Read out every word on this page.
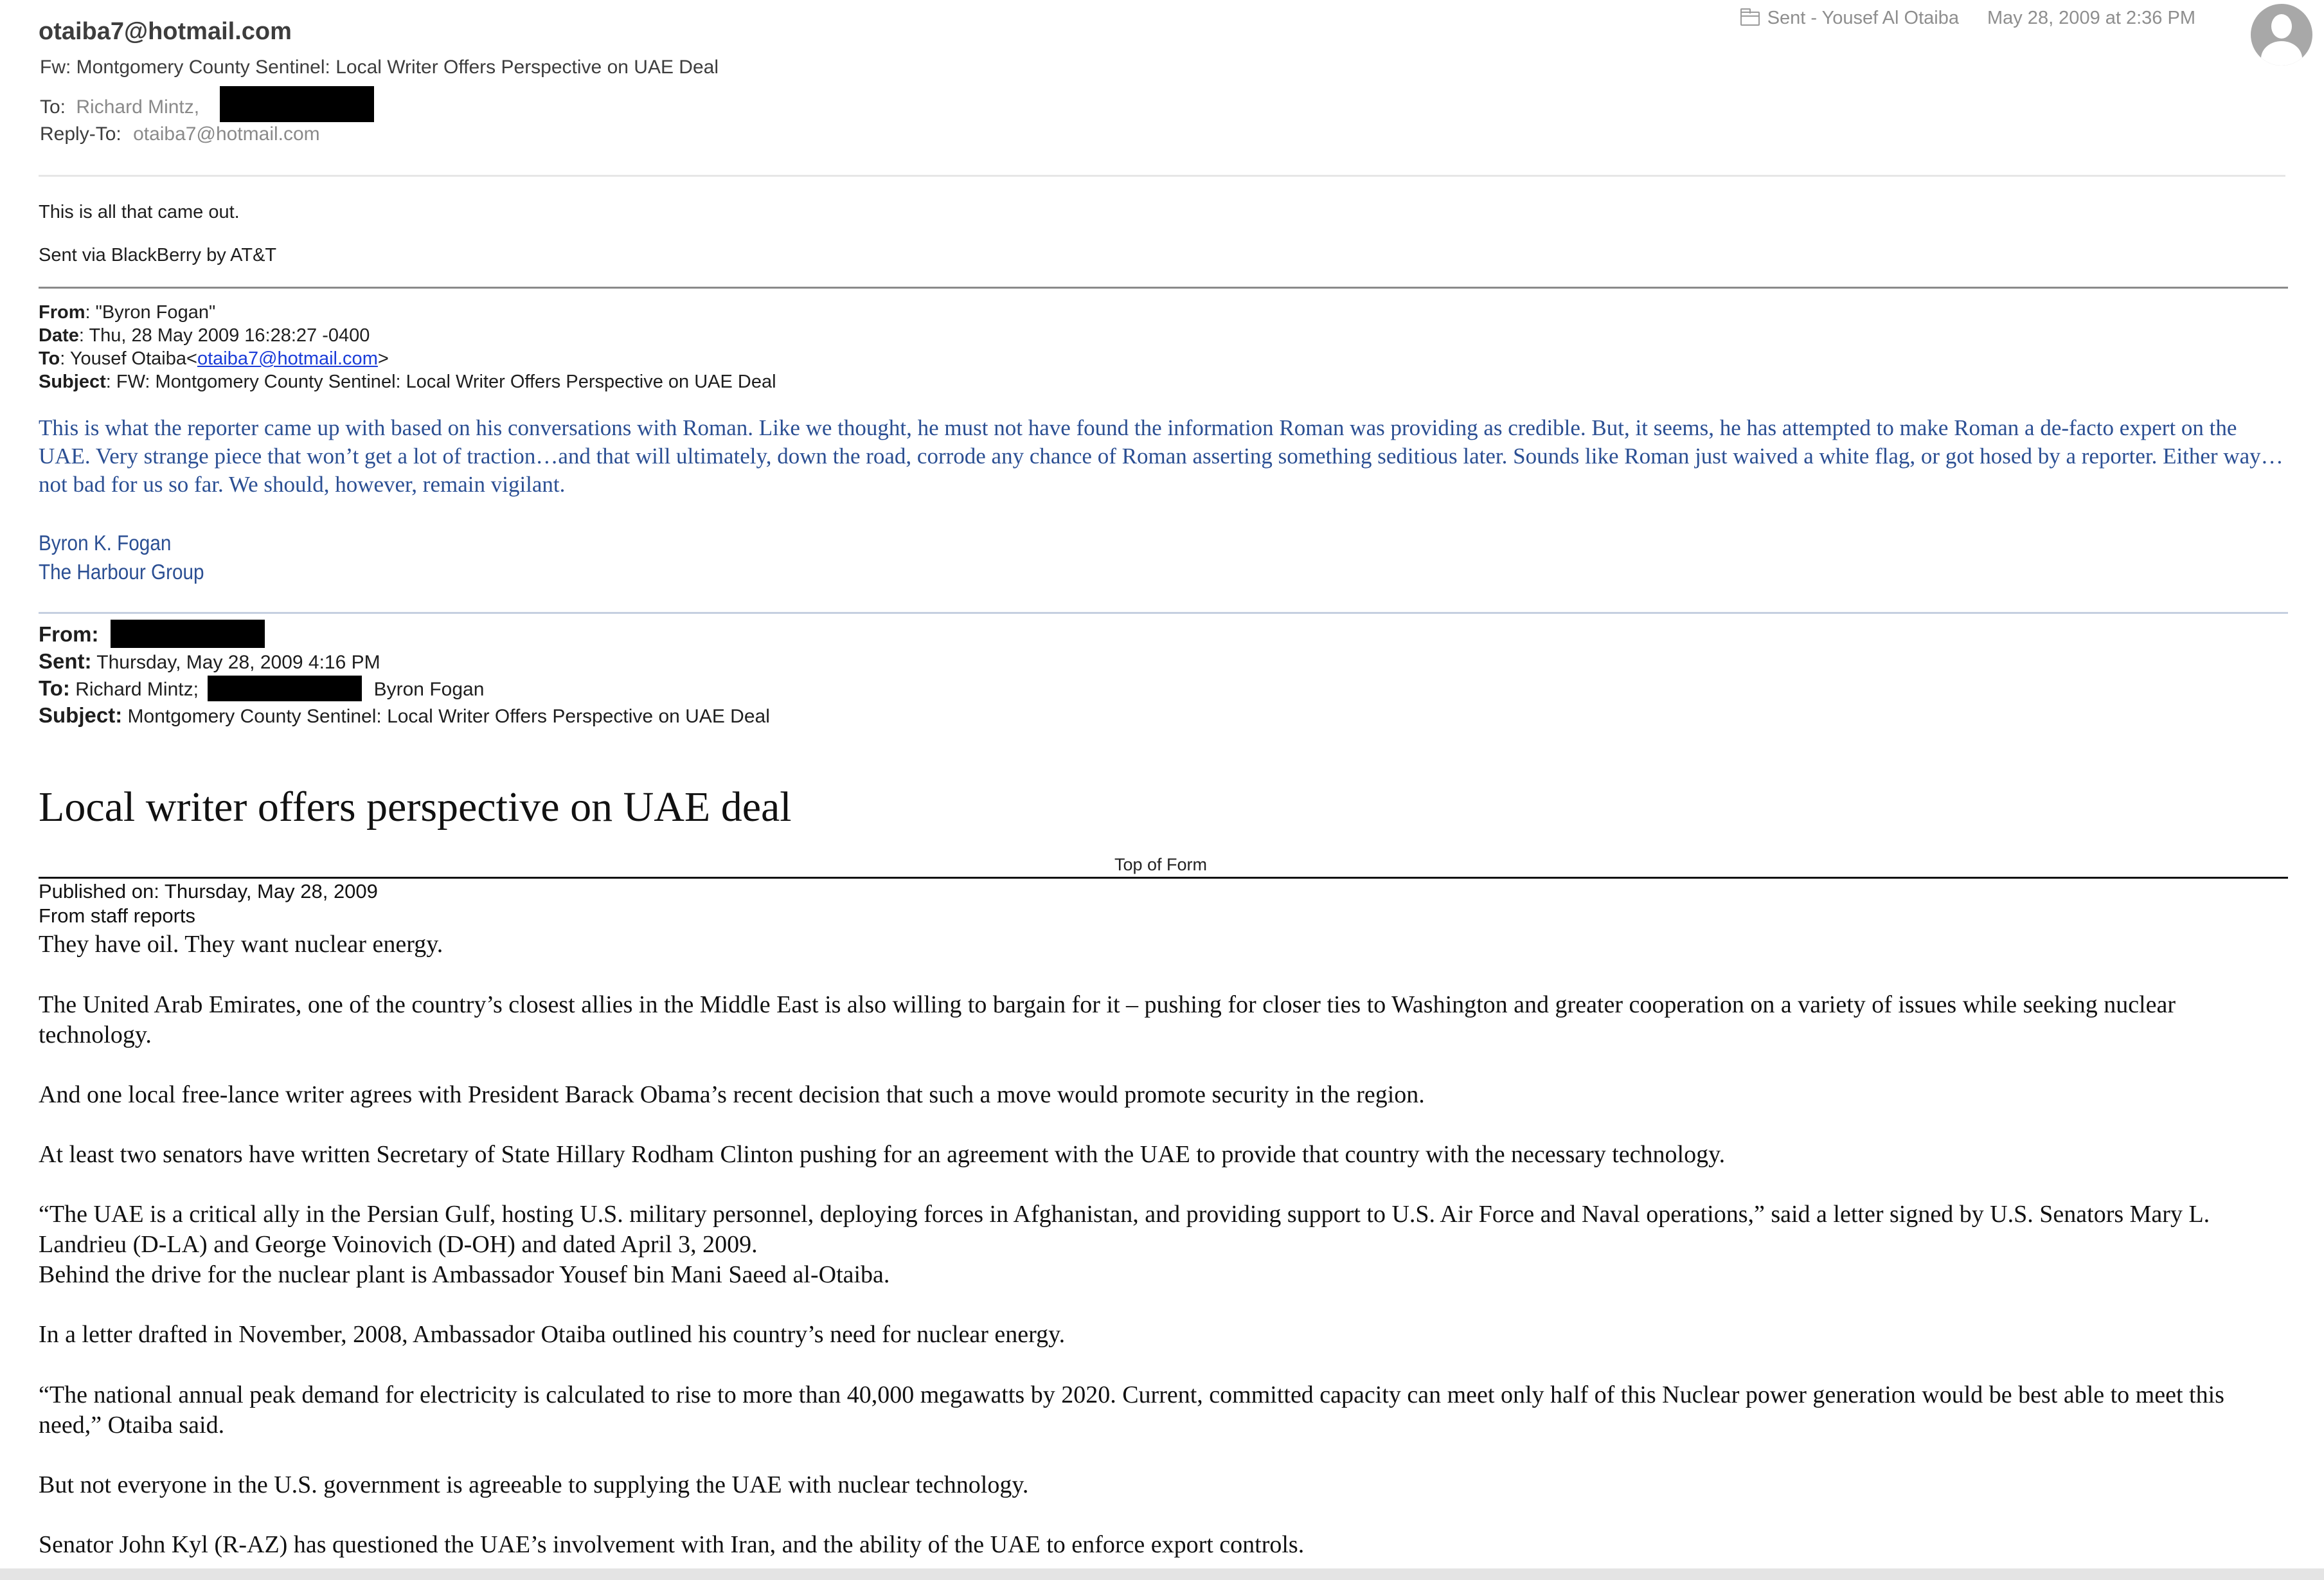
otaiba7@hotmail.com
Fw: Montgomery County Sentinel: Local Writer Offers Perspective on UAE Deal
To: Richard Mintz,
Reply-To: otaiba7@hotmail.com
Sent - Yousef Al Otaiba May 28, 2009 at 2:36 PM
This is all that came out.
Sent via BlackBerry by AT&T
From: "Byron Fogan"
Date: Thu, 28 May 2009 16:28:27 -0400
To: Yousef Otaiba<otaiba7@hotmail.com>
Subject: FW: Montgomery County Sentinel: Local Writer Offers Perspective on UAE Deal
This is what the reporter came up with based on his conversations with Roman. Like we thought, he must not have found the information Roman was providing as credible. But, it seems, he has attempted to make Roman a de-facto expert on the UAE. Very strange piece that won’t get a lot of traction…and that will ultimately, down the road, corrode any chance of Roman asserting something seditious later. Sounds like Roman just waived a white flag, or got hosed by a reporter. Either way…not bad for us so far. We should, however, remain vigilant.
Byron K. Fogan
The Harbour Group
From:
Sent: Thursday, May 28, 2009 4:16 PM
To: Richard Mintz;	Byron Fogan
Subject: Montgomery County Sentinel: Local Writer Offers Perspective on UAE Deal
Local writer offers perspective on UAE deal
Top of Form
Published on: Thursday, May 28, 2009
From staff reports
They have oil. They want nuclear energy.
The United Arab Emirates, one of the country’s closest allies in the Middle East is also willing to bargain for it – pushing for closer ties to Washington and greater cooperation on a variety of issues while seeking nuclear technology.
And one local free-lance writer agrees with President Barack Obama’s recent decision that such a move would promote security in the region.
At least two senators have written Secretary of State Hillary Rodham Clinton pushing for an agreement with the UAE to provide that country with the necessary technology.
“The UAE is a critical ally in the Persian Gulf, hosting U.S. military personnel, deploying forces in Afghanistan, and providing support to U.S. Air Force and Naval operations,” said a letter signed by U.S. Senators Mary L. Landrieu (D-LA) and George Voinovich (D-OH) and dated April 3, 2009.
Behind the drive for the nuclear plant is Ambassador Yousef bin Mani Saeed al-Otaiba.
In a letter drafted in November, 2008, Ambassador Otaiba outlined his country’s need for nuclear energy.
“The national annual peak demand for electricity is calculated to rise to more than 40,000 megawatts by 2020. Current, committed capacity can meet only half of this Nuclear power generation would be best able to meet this need,” Otaiba said.
But not everyone in the U.S. government is agreeable to supplying the UAE with nuclear technology.
Senator John Kyl (R-AZ) has questioned the UAE’s involvement with Iran, and the ability of the UAE to enforce export controls.
